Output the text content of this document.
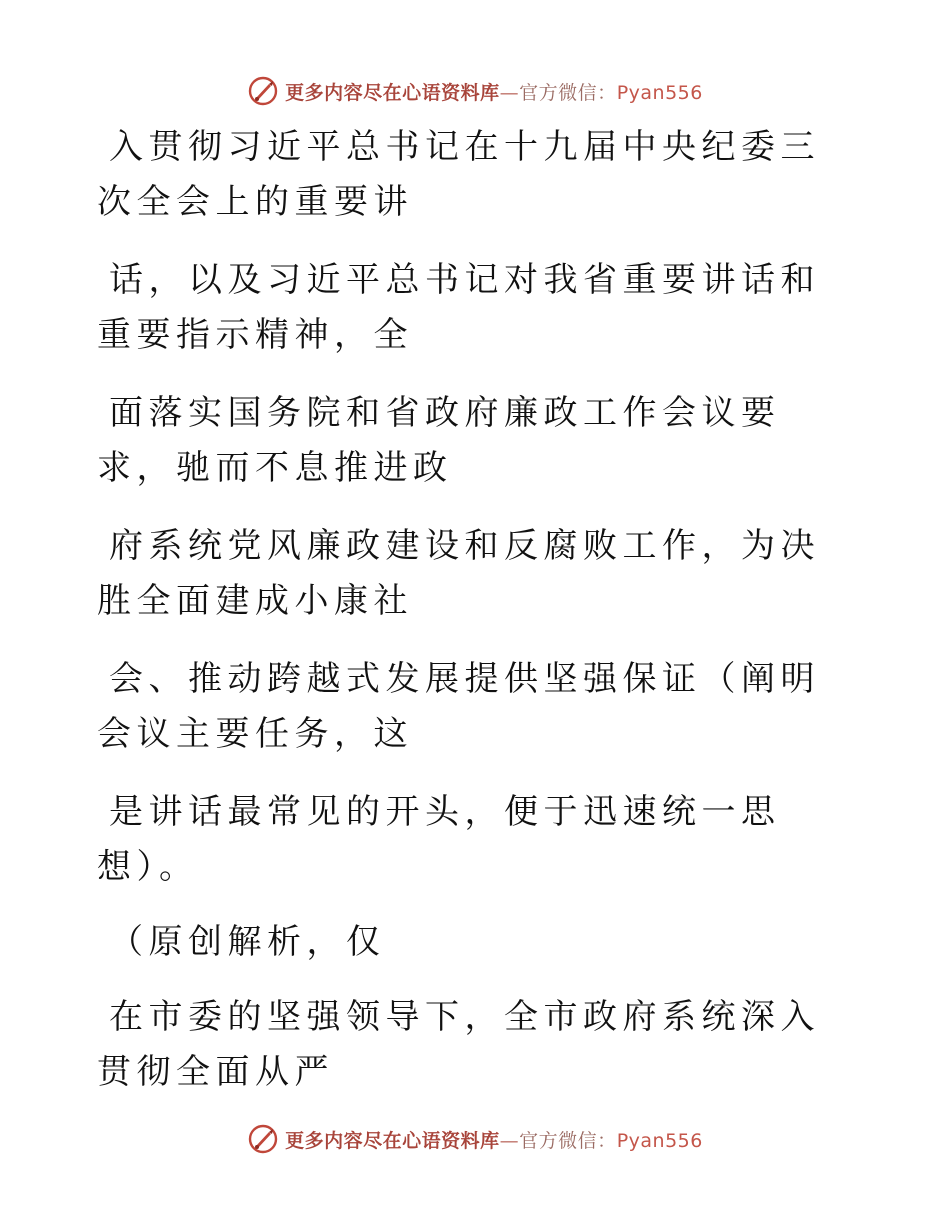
更多内容尽在心语资料库—官方微信：Pyan556

入贯彻习近平总书记在十九届中央纪委三次全会上的重要讲

话，以及习近平总书记对我省重要讲话和重要指示精神，全

面落实国务院和省政府廉政工作会议要求，驰而不息推进政

府系统党风廉政建设和反腐败工作，为决胜全面建成小康社

会、推动跨越式发展提供坚强保证（阐明会议主要任务，这

是讲话最常见的开头，便于迅速统一思想）。

（原创解析，仅

在市委的坚强领导下，全市政府系统深入贯彻全面从严

更多内容尽在心语资料库—官方微信：Pyan556
